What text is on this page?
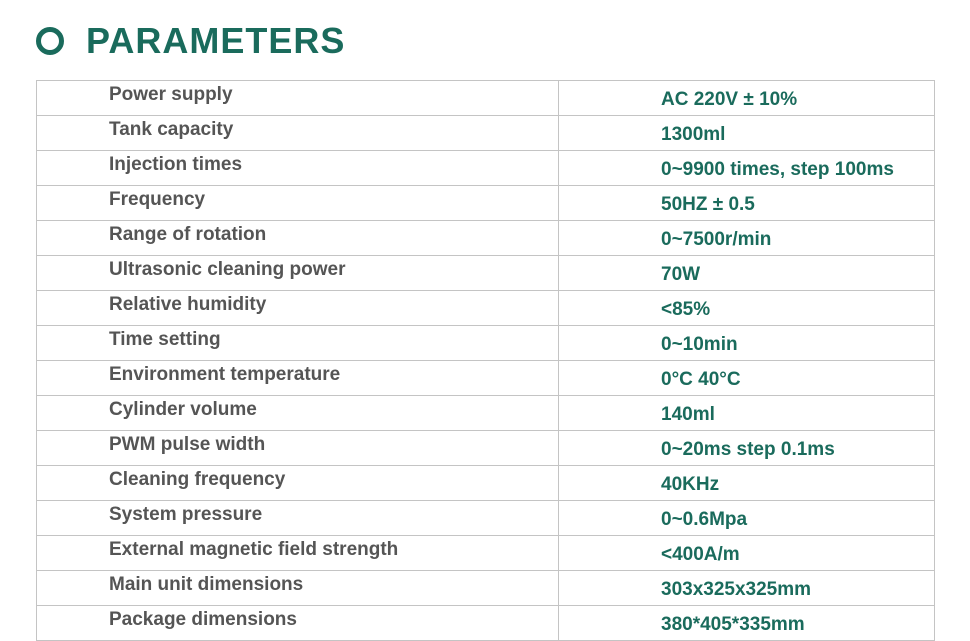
PARAMETERS
Power supply	AC 220V ± 10%
Tank capacity	1300ml
Injection times	0~9900 times, step 100ms
Frequency	50HZ ± 0.5
Range of rotation	0~7500r/min
Ultrasonic cleaning power	70W
Relative humidity	<85%
Time setting	0~10min
Environment temperature	0°C 40°C
Cylinder volume	140ml
PWM pulse width	0~20ms step 0.1ms
Cleaning frequency	40KHz
System pressure	0~0.6Mpa
External magnetic field strength	<400A/m
Main unit dimensions	303x325x325mm
Package dimensions	380*405*335mm
